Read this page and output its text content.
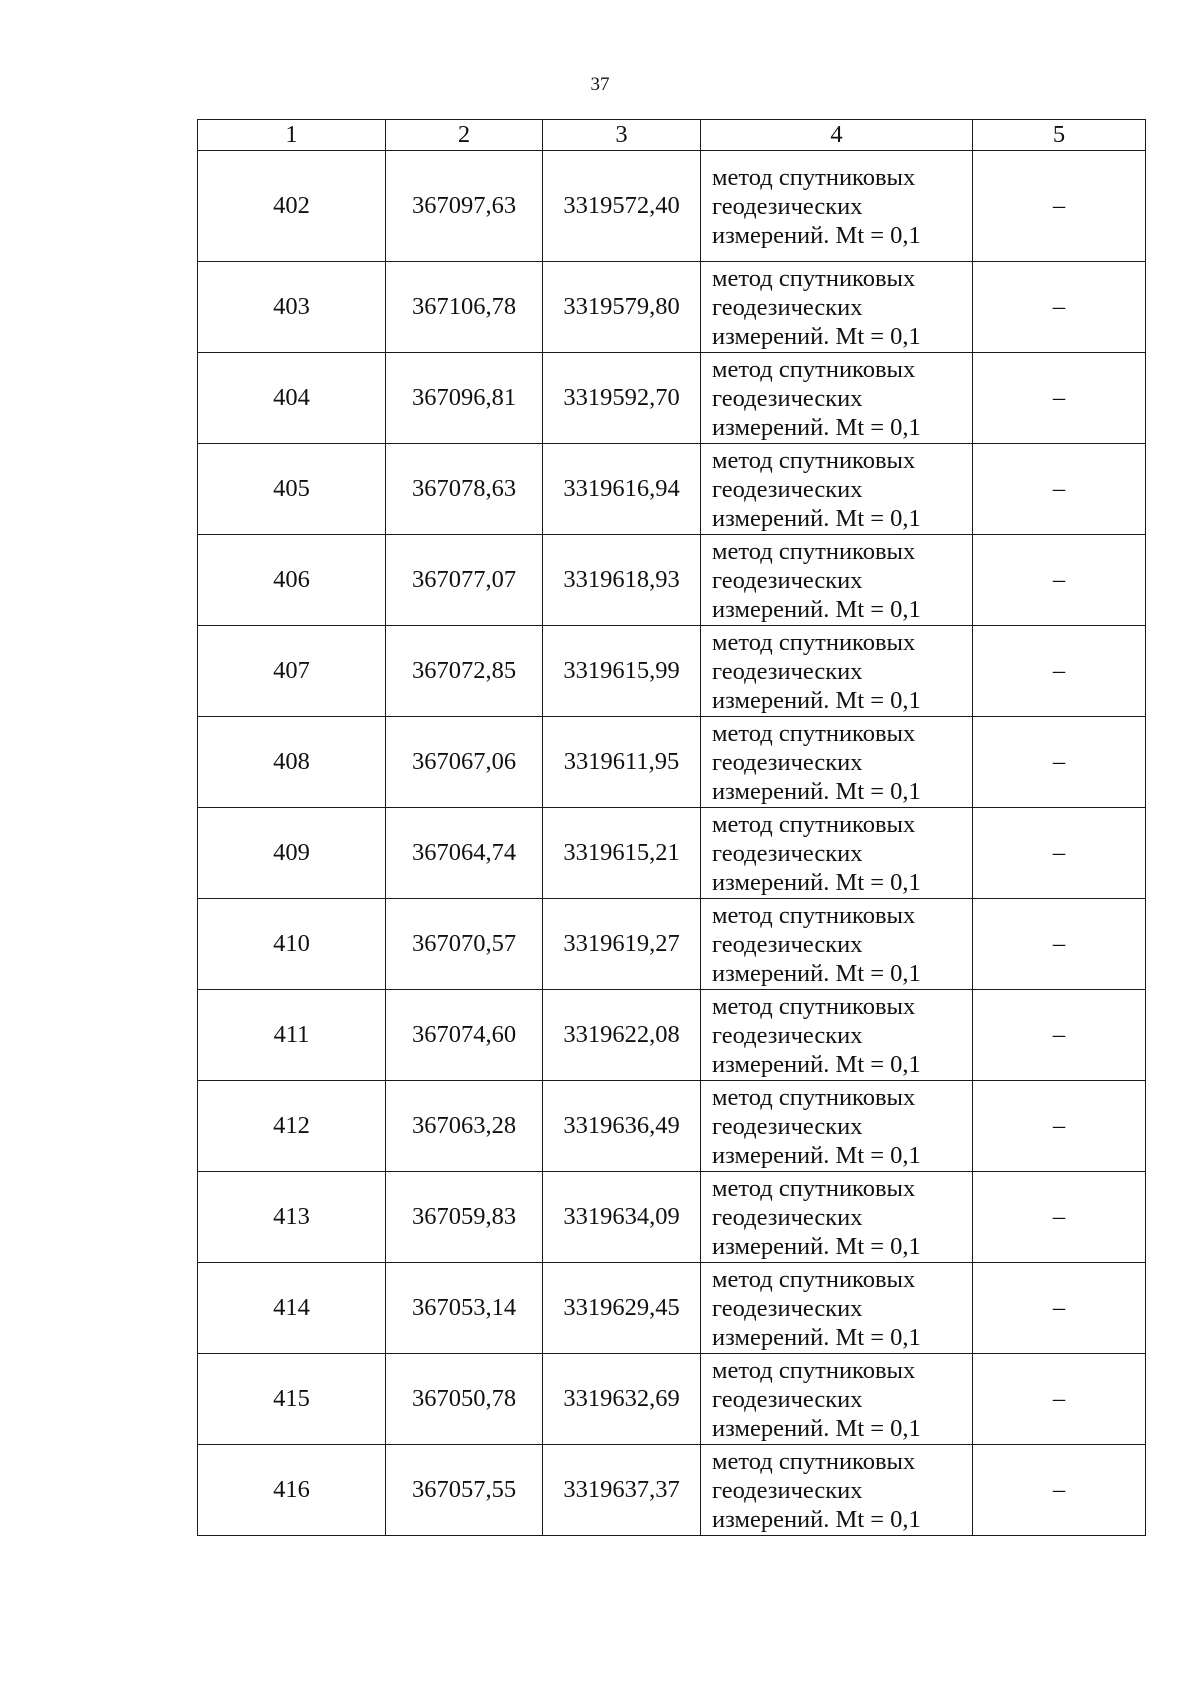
37
1	2	3	4	5
402	367097,63	3319572,40	метод спутниковых
геодезических
измерений. Mt = 0,1	–
403	367106,78	3319579,80	метод спутниковых
геодезических
измерений. Mt = 0,1	–
404	367096,81	3319592,70	метод спутниковых
геодезических
измерений. Mt = 0,1	–
405	367078,63	3319616,94	метод спутниковых
геодезических
измерений. Mt = 0,1	–
406	367077,07	3319618,93	метод спутниковых
геодезических
измерений. Mt = 0,1	–
407	367072,85	3319615,99	метод спутниковых
геодезических
измерений. Mt = 0,1	–
408	367067,06	3319611,95	метод спутниковых
геодезических
измерений. Mt = 0,1	–
409	367064,74	3319615,21	метод спутниковых
геодезических
измерений. Mt = 0,1	–
410	367070,57	3319619,27	метод спутниковых
геодезических
измерений. Mt = 0,1	–
411	367074,60	3319622,08	метод спутниковых
геодезических
измерений. Mt = 0,1	–
412	367063,28	3319636,49	метод спутниковых
геодезических
измерений. Mt = 0,1	–
413	367059,83	3319634,09	метод спутниковых
геодезических
измерений. Mt = 0,1	–
414	367053,14	3319629,45	метод спутниковых
геодезических
измерений. Mt = 0,1	–
415	367050,78	3319632,69	метод спутниковых
геодезических
измерений. Mt = 0,1	–
416	367057,55	3319637,37	метод спутниковых
геодезических
измерений. Mt = 0,1	–
